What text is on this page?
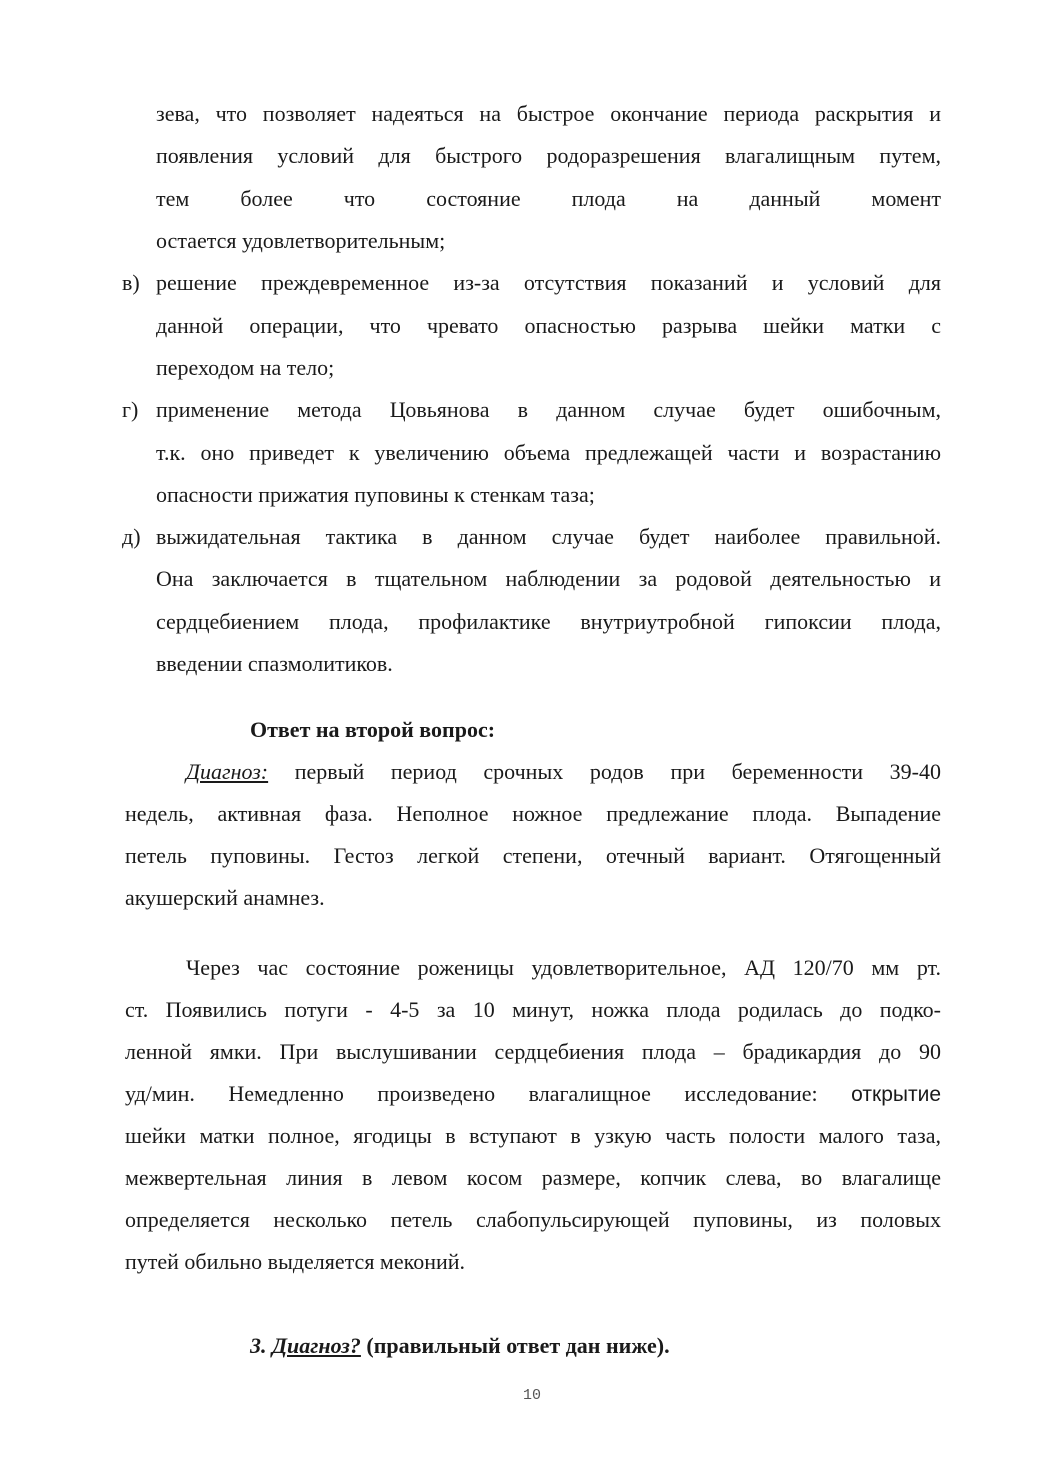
зева, что позволяет надеяться на быстрое окончание периода раскрытия и
появления условий для быстрого родоразрешения влагалищным путем,
тем более что состояние плода на данный момент
остается удовлетворительным;
в) решение преждевременное из-за отсутствия показаний и условий для
данной операции, что чревато опасностью разрыва шейки матки с
переходом на тело;
г) применение метода Цовьянова в данном случае будет ошибочным,
т.к. оно приведет к увеличению объема предлежащей части и возрастанию
опасности прижатия пуповины к стенкам таза;
д) выжидательная тактика в данном случае будет наиболее правильной.
Она заключается в тщательном наблюдении за родовой деятельностью и
сердцебиением плода, профилактике внутриутробной гипоксии плода,
введении спазмолитиков.
Ответ на второй вопрос:
Диагноз: первый период срочных родов при беременности 39-40
недель, активная фаза. Неполное ножное предлежание плода. Выпадение
петель пуповины. Гестоз легкой степени, отечный вариант. Отягощенный
акушерский анамнез.
Через час состояние роженицы удовлетворительное, АД 120/70 мм рт.
ст. Появились потуги - 4-5 за 10 минут, ножка плода родилась до подко-
ленной ямки. При выслушивании сердцебиения плода – брадикардия до 90
уд/мин. Немедленно произведено влагалищное исследование: открытие
шейки матки полное, ягодицы в вступают в узкую часть полости малого таза,
межвертельная линия в левом косом размере, копчик слева, во влагалище
определяется несколько петель слабопульсирующей пуповины, из половых
путей обильно выделяется меконий.
3. Диагноз? (правильный ответ дан ниже).
10
